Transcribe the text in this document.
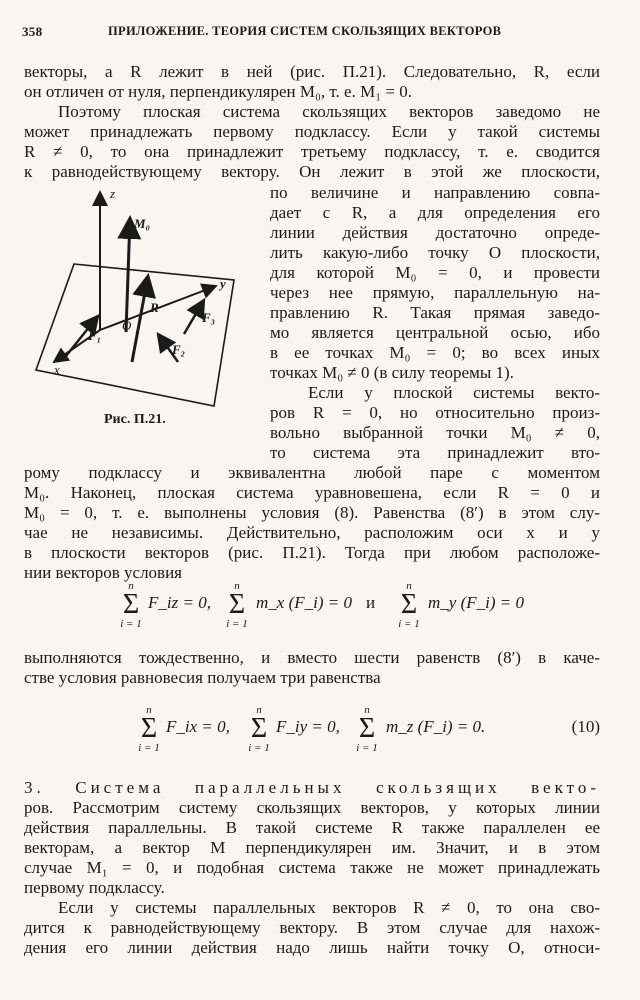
358	ПРИЛОЖЕНИЕ. ТЕОРИЯ СИСТЕМ СКОЛЬЗЯЩИХ ВЕКТОРОВ
векторы, а R лежит в ней (рис. П.21). Следовательно, R, если
он отличен от нуля, перпендикулярен M₀, т. е. M₁ = 0.
Поэтому плоская система скользящих векторов заведомо не
может принадлежать первому подклассу. Если у такой системы
R ≠ 0, то она принадлежит третьему подклассу, т. е. сводится
к равнодействующему вектору. Он лежит в этой же плоскости,
по величине и направлению совпа-
дает с R, а для определения его
линии действия достаточно опреде-
лить какую-либо точку O плоскости,
для которой M₀ = 0, и провести
через нее прямую, параллельную на-
правлению R. Такая прямая заведо-
мо является центральной осью, ибо
в ее точках M₀ = 0; во всех иных
точках M₀ ≠ 0 (в силу теоремы 1).
Если у плоской системы векто-
ров R = 0, но относительно произ-
вольно выбранной точки M₀ ≠ 0,
то система эта принадлежит вто-
рому подклассу и эквивалентна любой паре с моментом
M₀. Наконец, плоская система уравновешена, если R = 0 и
M₀ = 0, т. е. выполнены условия (8). Равенства (8′) в этом слу-
чае не независимы. Действительно, расположим оси x и y
в плоскости векторов (рис. П.21). Тогда при любом расположе-
нии векторов условия
n
Σ
i = 1
F_iz = 0,
n
Σ
i = 1
m_x (F_i) = 0 и
n
Σ
i = 1
m_y (F_i) = 0
выполняются тождественно, и вместо шести равенств (8′) в каче-
стве условия равновесия получаем три равенства
n
Σ
i = 1
F_ix = 0,
n
Σ
i = 1
F_iy = 0,
n
Σ
i = 1
m_z (F_i) = 0.	(10)
3. Система параллельных скользящих векто-
ров. Рассмотрим систему скользящих векторов, у которых линии
действия параллельны. В такой системе R также параллелен ее
векторам, а вектор M перпендикулярен им. Значит, и в этом
случае M₁ = 0, и подобная система также не может принадлежать
первому подклассу.
Если у системы параллельных векторов R ≠ 0, то она сво-
дится к равнодействующему вектору. В этом случае для нахож-
дения его линии действия надо лишь найти точку O, относи-
z
M₀
y
O
R
F₁
F₂
F₃
x
Рис. П.21.
